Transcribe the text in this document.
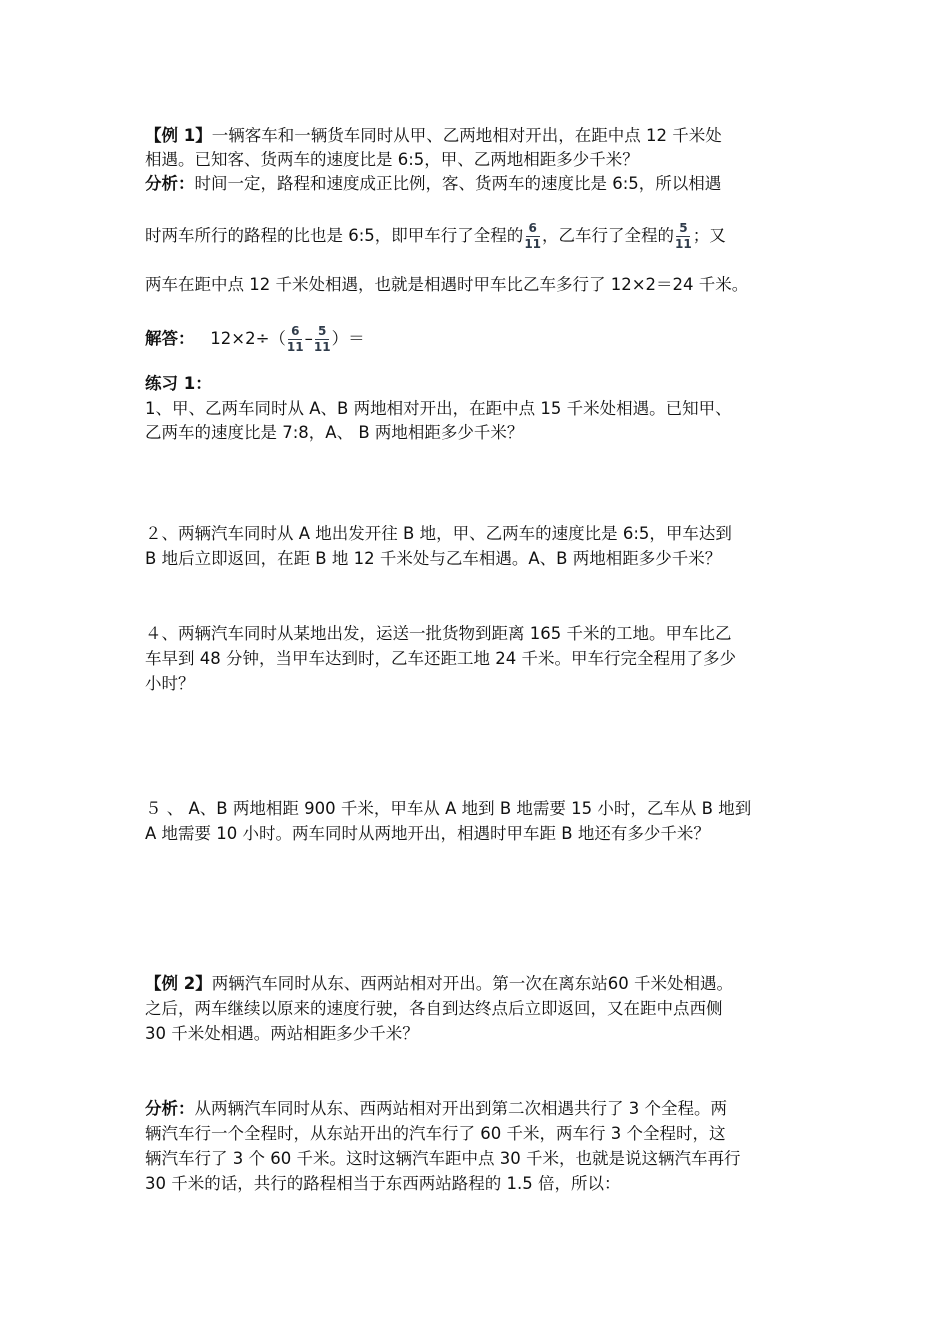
【例 1】一辆客车和一辆货车同时从甲、乙两地相对开出，在距中点 12 千米处
相遇。已知客、货两车的速度比是 6:5，甲、乙两地相距多少千米？
分析：时间一定，路程和速度成正比例，客、货两车的速度比是 6:5，所以相遇
时两车所行的路程的比也是 6:5，即甲车行了全程的 $\frac{6}{11}$ ，乙车行了全程的 $\frac{5}{11}$ ；又
两车在距中点 12 千米处相遇，也就是相遇时甲车比乙车多行了 12×2＝24 千米。
解答： $12\times 2\div( \frac{6}{11} - \frac{5}{11}$ ）＝
练习 1：
1、甲、乙两车同时从 A、B 两地相对开出，在距中点 15 千米处相遇。已知甲、
乙两车的速度比是 7:8，A、 B 两地相距多少千米？
２、两辆汽车同时从 A 地出发开往 B 地，甲、乙两车的速度比是 6:5，甲车达到
B 地后立即返回，在距 B 地 12 千米处与乙车相遇。A、B 两地相距多少千米？
４、两辆汽车同时从某地出发，运送一批货物到距离 165 千米的工地。甲车比乙
车早到 48 分钟，当甲车达到时，乙车还距工地 24 千米。甲车行完全程用了多少
小时？
５ 、 A、B 两地相距 900 千米，甲车从 A 地到 B 地需要 15 小时，乙车从 B 地到
A 地需要 10 小时。两车同时从两地开出，相遇时甲车距 B 地还有多少千米？
【例 2】两辆汽车同时从东、西两站相对开出。第一次在离东站60 千米处相遇。
之后，两车继续以原来的速度行驶，各自到达终点后立即返回，又在距中点西侧
30 千米处相遇。两站相距多少千米？
分析：从两辆汽车同时从东、西两站相对开出到第二次相遇共行了 3 个全程。两
辆汽车行一个全程时，从东站开出的汽车行了 60 千米，两车行 3 个全程时，这
辆汽车行了 3 个 60 千米。这时这辆汽车距中点 30 千米，也就是说这辆汽车再行
30 千米的话，共行的路程相当于东西两站路程的 1.5 倍，所以：
